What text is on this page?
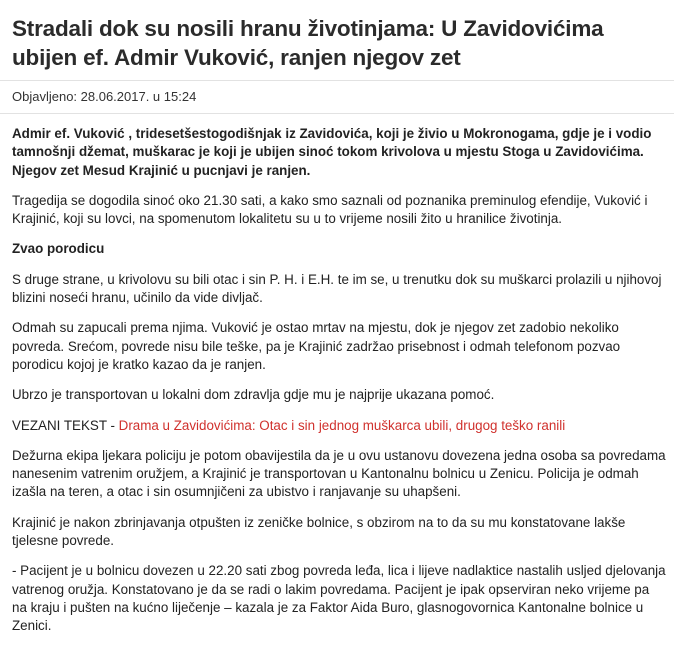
Stradali dok su nosili hranu životinjama: U Zavidovićima ubijen ef. Admir Vuković, ranjen njegov zet
Objavljeno: 28.06.2017. u 15:24

Admir ef. Vuković , tridesetšestogodišnjak iz Zavidovića, koji je živio u Mokronogama, gdje je i vodio tamnošnji džemat, muškarac je koji je ubijen sinoć tokom krivolova u mjestu Stoga u Zavidovićima. Njegov zet Mesud Krajinić u pucnjavi je ranjen.

Tragedija se dogodila sinoć oko 21.30 sati, a kako smo saznali od poznanika preminulog efendije, Vuković i Krajinić, koji su lovci, na spomenutom lokalitetu su u to vrijeme nosili žito u hranilice životinja.

Zvao porodicu

S druge strane, u krivolovu su bili otac i sin P. H. i E.H. te im se, u trenutku dok su muškarci prolazili u njihovoj blizini noseći hranu, učinilo da vide divljač.

Odmah su zapucali prema njima. Vuković je ostao mrtav na mjestu, dok je njegov zet zadobio nekoliko povreda. Srećom, povrede nisu bile teške, pa je Krajinić zadržao prisebnost i odmah telefonom pozvao porodicu kojoj je kratko kazao da je ranjen.

Ubrzo je transportovan u lokalni dom zdravlja gdje mu je najprije ukazana pomoć.

VEZANI TEKST - Drama u Zavidovićima: Otac i sin jednog muškarca ubili, drugog teško ranili

Dežurna ekipa ljekara policiju je potom obavijestila da je u ovu ustanovu dovezena jedna osoba sa povredama nanesenim vatrenim oružjem, a Krajinić je transportovan u Kantonalnu bolnicu u Zenicu. Policija je odmah izašla na teren, a otac i sin osumnjičeni za ubistvo i ranjavanje su uhapšeni.

Krajinić je nakon zbrinjavanja otpušten iz zeničke bolnice, s obzirom na to da su mu konstatovane lakše tjelesne povrede.

- Pacijent je u bolnicu dovezen u 22.20 sati zbog povreda leđa, lica i lijeve nadlaktice nastalih usljed djelovanja vatrenog oružja. Konstatovano je da se radi o lakim povredama. Pacijent je ipak opserviran neko vrijeme pa na kraju i pušten na kućno liječenje – kazala je za Faktor Aida Buro, glasnogovornica Kantonalne bolnice u Zenici.
